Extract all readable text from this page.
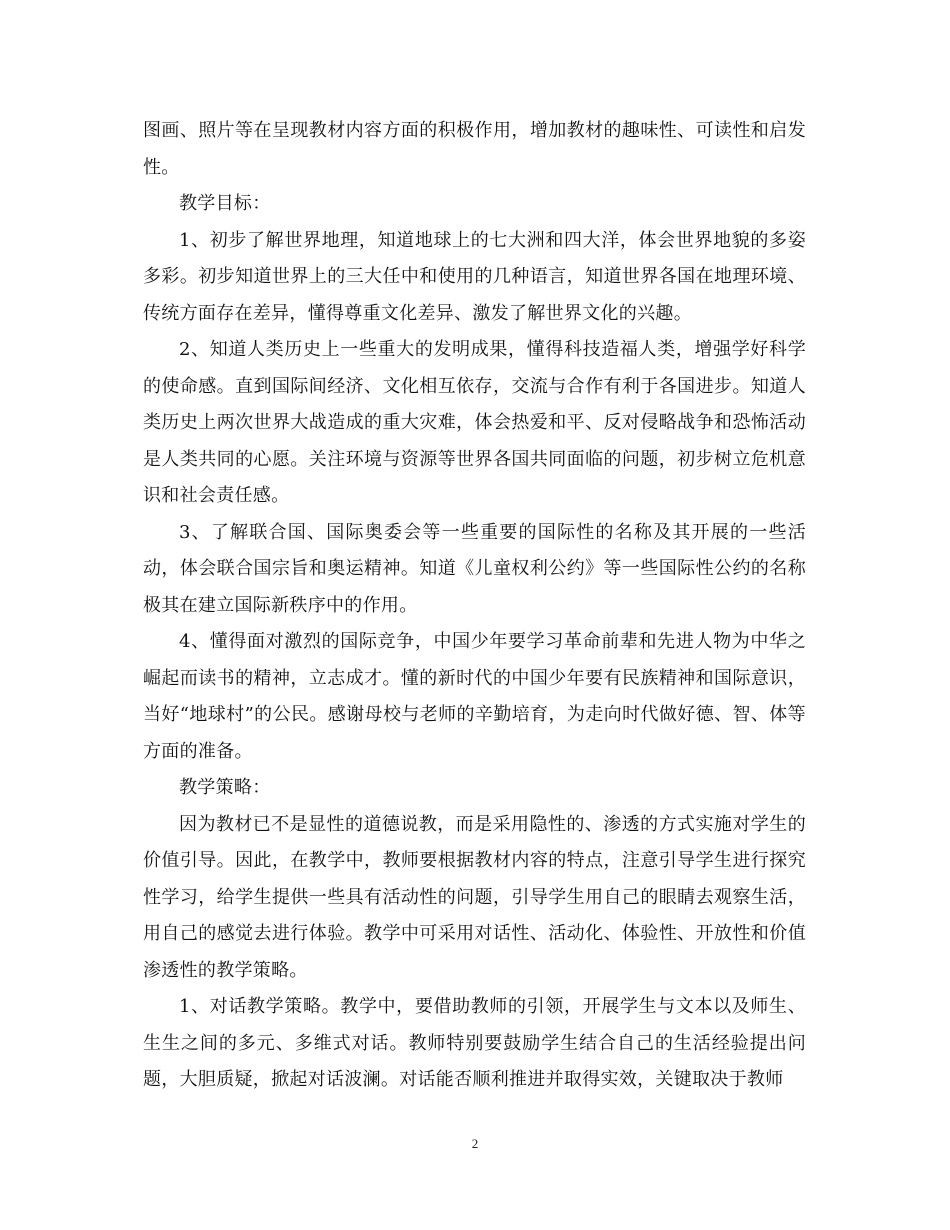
图画、照片等在呈现教材内容方面的积极作用，增加教材的趣味性、可读性和启发性。

教学目标：

1、初步了解世界地理，知道地球上的七大洲和四大洋，体会世界地貌的多姿多彩。初步知道世界上的三大任中和使用的几种语言，知道世界各国在地理环境、传统方面存在差异，懂得尊重文化差异、激发了解世界文化的兴趣。

2、知道人类历史上一些重大的发明成果，懂得科技造福人类，增强学好科学的使命感。直到国际间经济、文化相互依存，交流与合作有利于各国进步。知道人类历史上两次世界大战造成的重大灾难，体会热爱和平、反对侵略战争和恐怖活动是人类共同的心愿。关注环境与资源等世界各国共同面临的问题，初步树立危机意识和社会责任感。

3、了解联合国、国际奥委会等一些重要的国际性的名称及其开展的一些活动，体会联合国宗旨和奥运精神。知道《儿童权利公约》等一些国际性公约的名称极其在建立国际新秩序中的作用。

4、懂得面对激烈的国际竞争，中国少年要学习革命前辈和先进人物为中华之崛起而读书的精神，立志成才。懂的新时代的中国少年要有民族精神和国际意识，当好“地球村”的公民。感谢母校与老师的辛勤培育，为走向时代做好德、智、体等方面的准备。

教学策略：

因为教材已不是显性的道德说教，而是采用隐性的、渗透的方式实施对学生的价值引导。因此，在教学中，教师要根据教材内容的特点，注意引导学生进行探究性学习，给学生提供一些具有活动性的问题，引导学生用自己的眼睛去观察生活，用自己的感觉去进行体验。教学中可采用对话性、活动化、体验性、开放性和价值渗透性的教学策略。

1、对话教学策略。教学中，要借助教师的引领，开展学生与文本以及师生、生生之间的多元、多维式对话。教师特别要鼓励学生结合自己的生活经验提出问题，大胆质疑，掀起对话波澜。对话能否顺利推进并取得实效，关键取决于教师

2
